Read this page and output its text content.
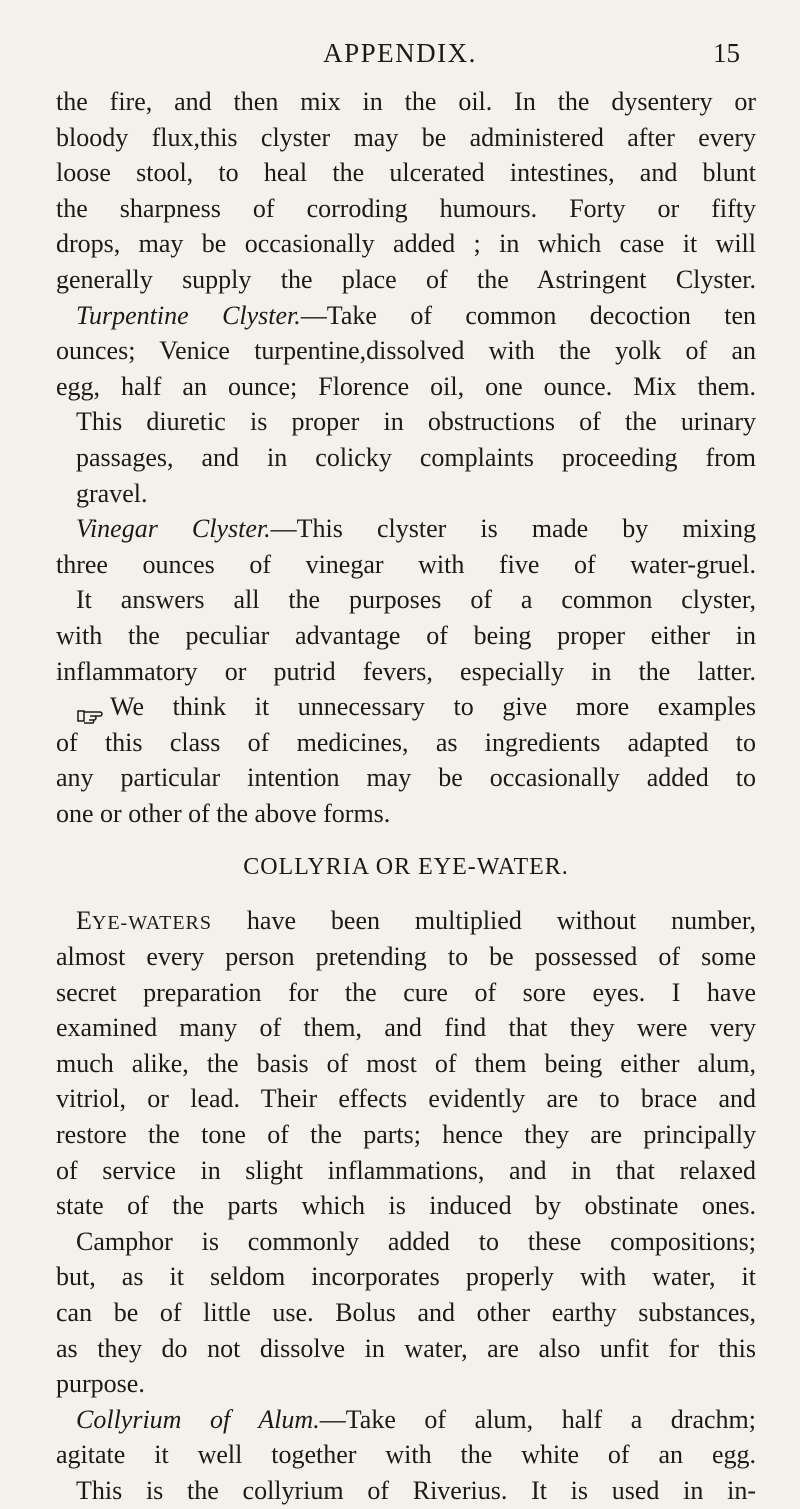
APPENDIX.	15
the fire, and then mix in the oil. In the dysentery or
bloody flux,this clyster may be administered after every
loose stool, to heal the ulcerated intestines, and blunt
the sharpness of corroding humours. Forty or fifty
drops, may be occasionally added ; in which case it will
generally supply the place of the Astringent Clyster.
Turpentine Clyster.—Take of common decoction ten
ounces; Venice turpentine,dissolved with the yolk of an
egg, half an ounce; Florence oil, one ounce. Mix them.
This diuretic is proper in obstructions of the urinary
passages, and in colicky complaints proceeding from
gravel.
Vinegar Clyster.—This clyster is made by mixing
three ounces of vinegar with five of water-gruel.
It answers all the purposes of a common clyster,
with the peculiar advantage of being proper either in
inflammatory or putrid fevers, especially in the latter.
We think it unnecessary to give more examples
of this class of medicines, as ingredients adapted to
any particular intention may be occasionally added to
one or other of the above forms.
COLLYRIA OR EYE-WATER.
EYE-WATERS have been multiplied without number,
almost every person pretending to be possessed of some
secret preparation for the cure of sore eyes. I have
examined many of them, and find that they were very
much alike, the basis of most of them being either alum,
vitriol, or lead. Their effects evidently are to brace and
restore the tone of the parts; hence they are principally
of service in slight inflammations, and in that relaxed
state of the parts which is induced by obstinate ones.
Camphor is commonly added to these compositions;
but, as it seldom incorporates properly with water, it
can be of little use. Bolus and other earthy substances,
as they do not dissolve in water, are also unfit for this
purpose.
Collyrium of Alum.—Take of alum, half a drachm;
agitate it well together with the white of an egg.
This is the collyrium of Riverius. It is used in in-
